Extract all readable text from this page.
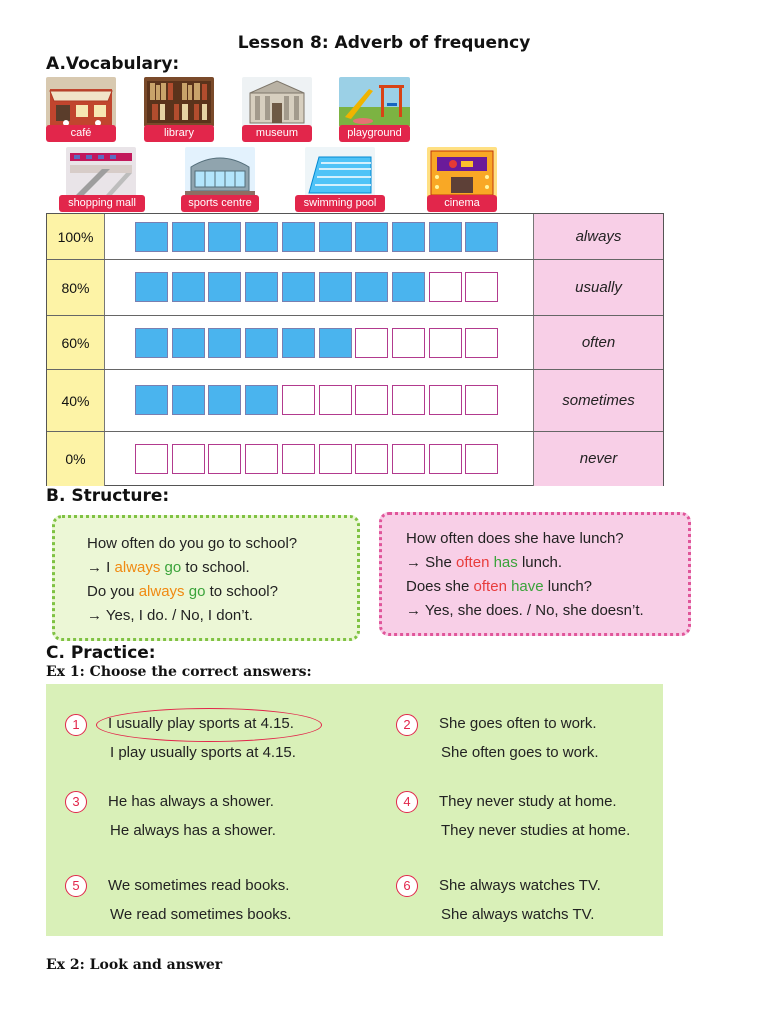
Lesson 8: Adverb of frequency
A.Vocabulary:
café	library	museum	playground
shopping mall	sports centre	swimming pool	cinema
100%	always
80%	usually
60%	often
40%	sometimes
0%	never
B. Structure:
How often do you go to school?
→ I always go to school.
Do you always go to school?
→ Yes, I do. / No, I don’t.
How often does she have lunch?
→ She often has lunch.
Does she often have lunch?
→ Yes, she does. / No, she doesn’t.
C. Practice:
Ex 1: Choose the correct answers:
1	I usually play sports at 4.15.
I play usually sports at 4.15.
2	She goes often to work.
She often goes to work.
3	He has always a shower.
He always has a shower.
4	They never study at home.
They never studies at home.
5	We sometimes read books.
We read sometimes books.
6	She always watches TV.
She always watchs TV.
Ex 2: Look and answer
